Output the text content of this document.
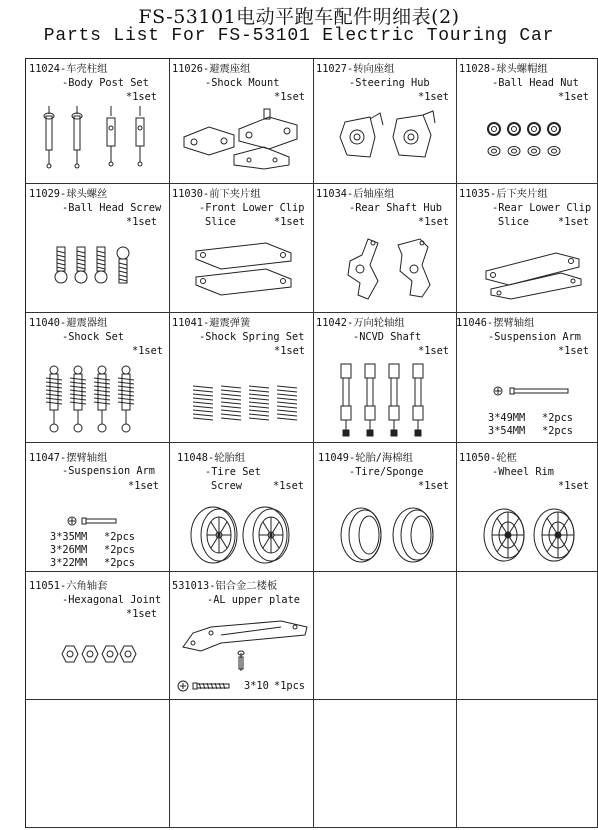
FS-53101电动平跑车配件明细表(2)
Parts List For FS-53101 Electric Touring Car
11024-车壳柱组
-Body Post Set
*1set
11026-避震座组
-Shock Mount
*1set
11027-转向座组
-Steering Hub
*1set
11028-球头螺帽组
-Ball Head Nut
*1set
11029-球头螺丝
-Ball Head Screw
*1set
11030-前下夹片组
-Front Lower Clip
Slice	*1set
11034-后轴座组
-Rear Shaft Hub
*1set
11035-后下夹片组
-Rear Lower Clip
Slice	*1set
11040-避震器组
-Shock Set
*1set
11041-避震弹簧
-Shock Spring Set
*1set
11042-万向轮轴组
-NCVD Shaft
*1set
11046-摆臂轴组
-Suspension Arm
*1set
3*49MM *2pcs
3*54MM *2pcs
11047-摆臂轴组
-Suspension Arm
*1set
3*35MM *2pcs
3*26MM *2pcs
3*22MM *2pcs
11048-轮胎组
-Tire Set
Screw	*1set
11049-轮胎/海棉组
-Tire/Sponge
*1set
11050-轮框
-Wheel Rim
*1set
11051-六角轴套
-Hexagonal Joint
*1set
531013-铝合金二楼板
-AL upper plate
3*10 *1pcs
